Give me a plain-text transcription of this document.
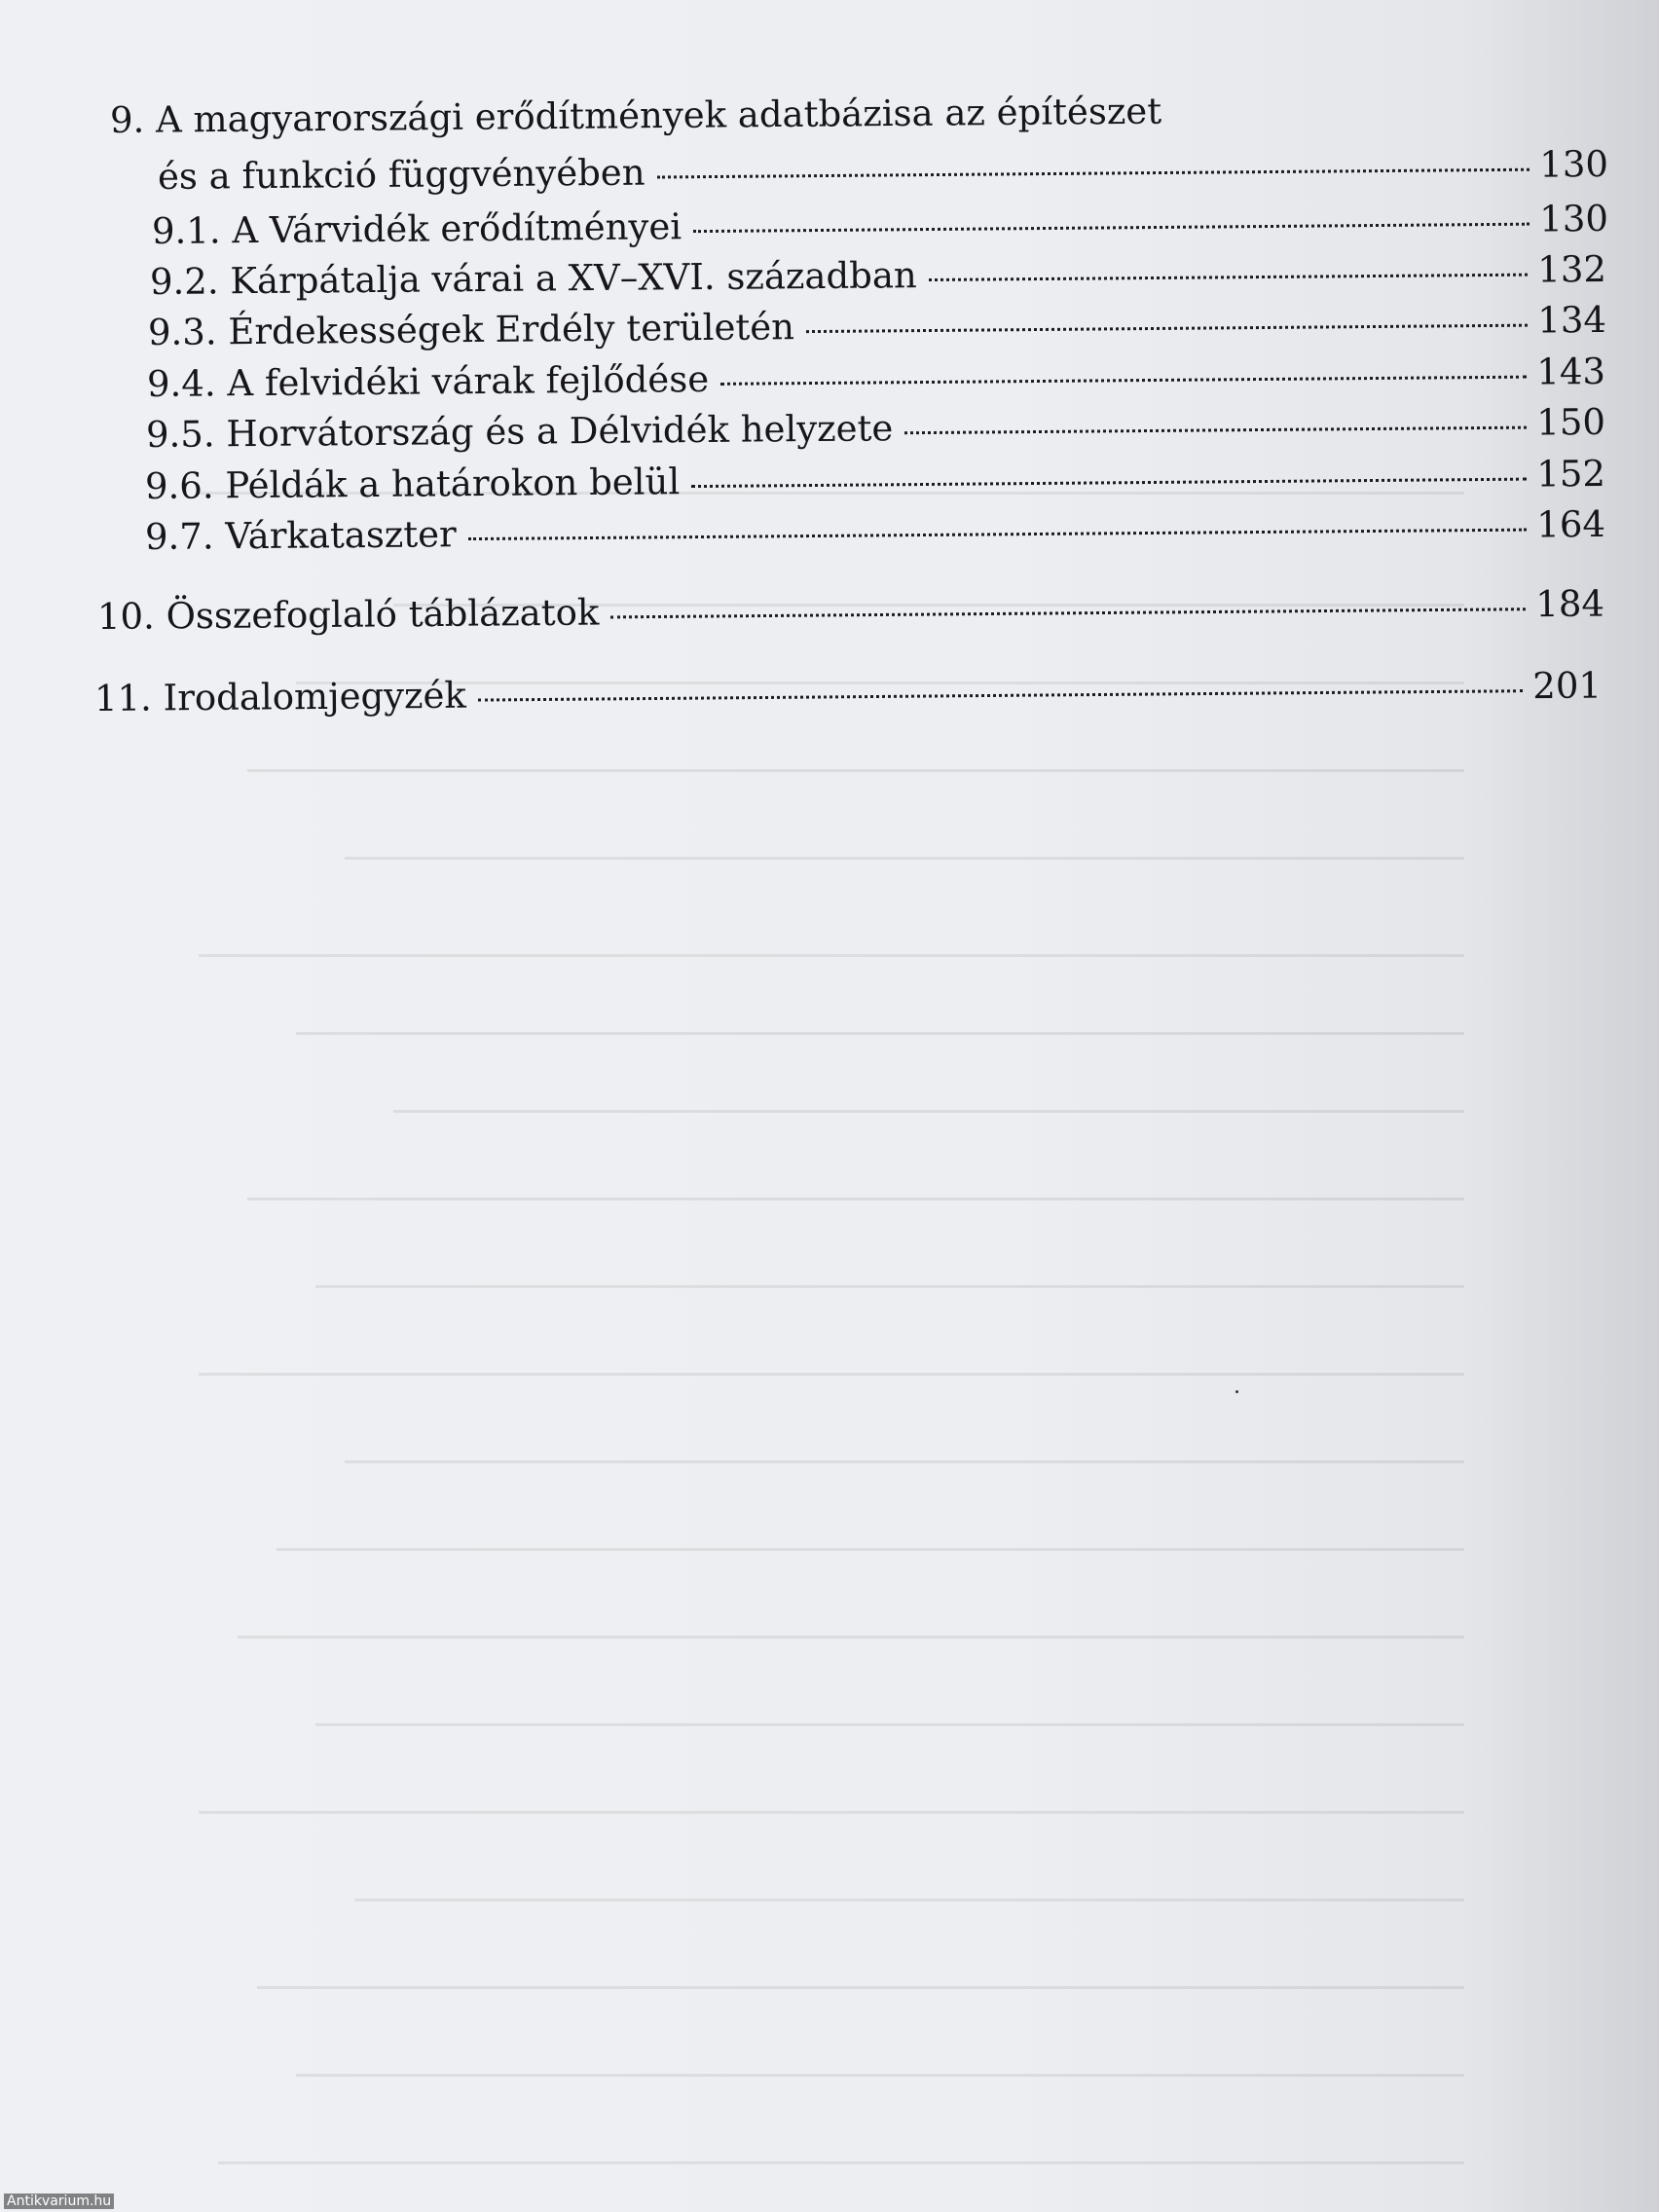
9. A magyarországi erődítmények adatbázisa az építészet
és a funkció függvényében	130
9.1. A Várvidék erődítményei	130
9.2. Kárpátalja várai a XV–XVI. században	132
9.3. Érdekességek Erdély területén	134
9.4. A felvidéki várak fejlődése	143
9.5. Horvátország és a Délvidék helyzete	150
9.6. Példák a határokon belül	152
9.7. Várkataszter	164
10. Összefoglaló táblázatok	184
11. Irodalomjegyzék	201
Antikvarium.hu
